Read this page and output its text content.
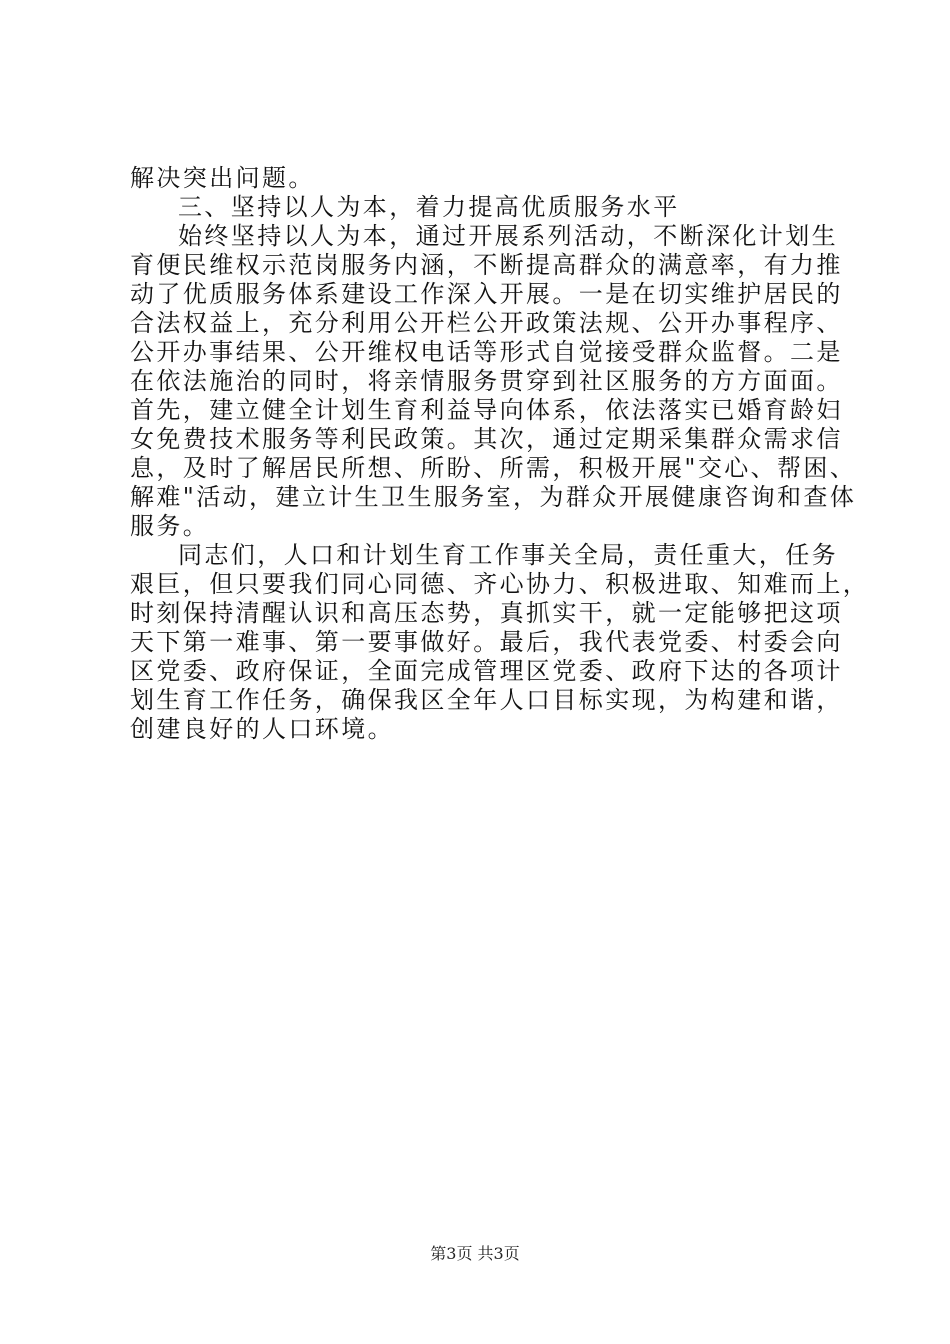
解决突出问题。
三、坚持以人为本，着力提高优质服务水平
始终坚持以人为本，通过开展系列活动，不断深化计划生
育便民维权示范岗服务内涵，不断提高群众的满意率，有力推
动了优质服务体系建设工作深入开展。一是在切实维护居民的
合法权益上，充分利用公开栏公开政策法规、公开办事程序、
公开办事结果、公开维权电话等形式自觉接受群众监督。二是
在依法施治的同时，将亲情服务贯穿到社区服务的方方面面。
首先，建立健全计划生育利益导向体系，依法落实已婚育龄妇
女免费技术服务等利民政策。其次，通过定期采集群众需求信
息，及时了解居民所想、所盼、所需，积极开展"交心、帮困、
解难"活动，建立计生卫生服务室，为群众开展健康咨询和查体
服务。
同志们，人口和计划生育工作事关全局，责任重大，任务
艰巨，但只要我们同心同德、齐心协力、积极进取、知难而上，
时刻保持清醒认识和高压态势，真抓实干，就一定能够把这项
天下第一难事、第一要事做好。最后，我代表党委、村委会向
区党委、政府保证，全面完成管理区党委、政府下达的各项计
划生育工作任务，确保我区全年人口目标实现，为构建和谐，
创建良好的人口环境。
第3页 共3页
